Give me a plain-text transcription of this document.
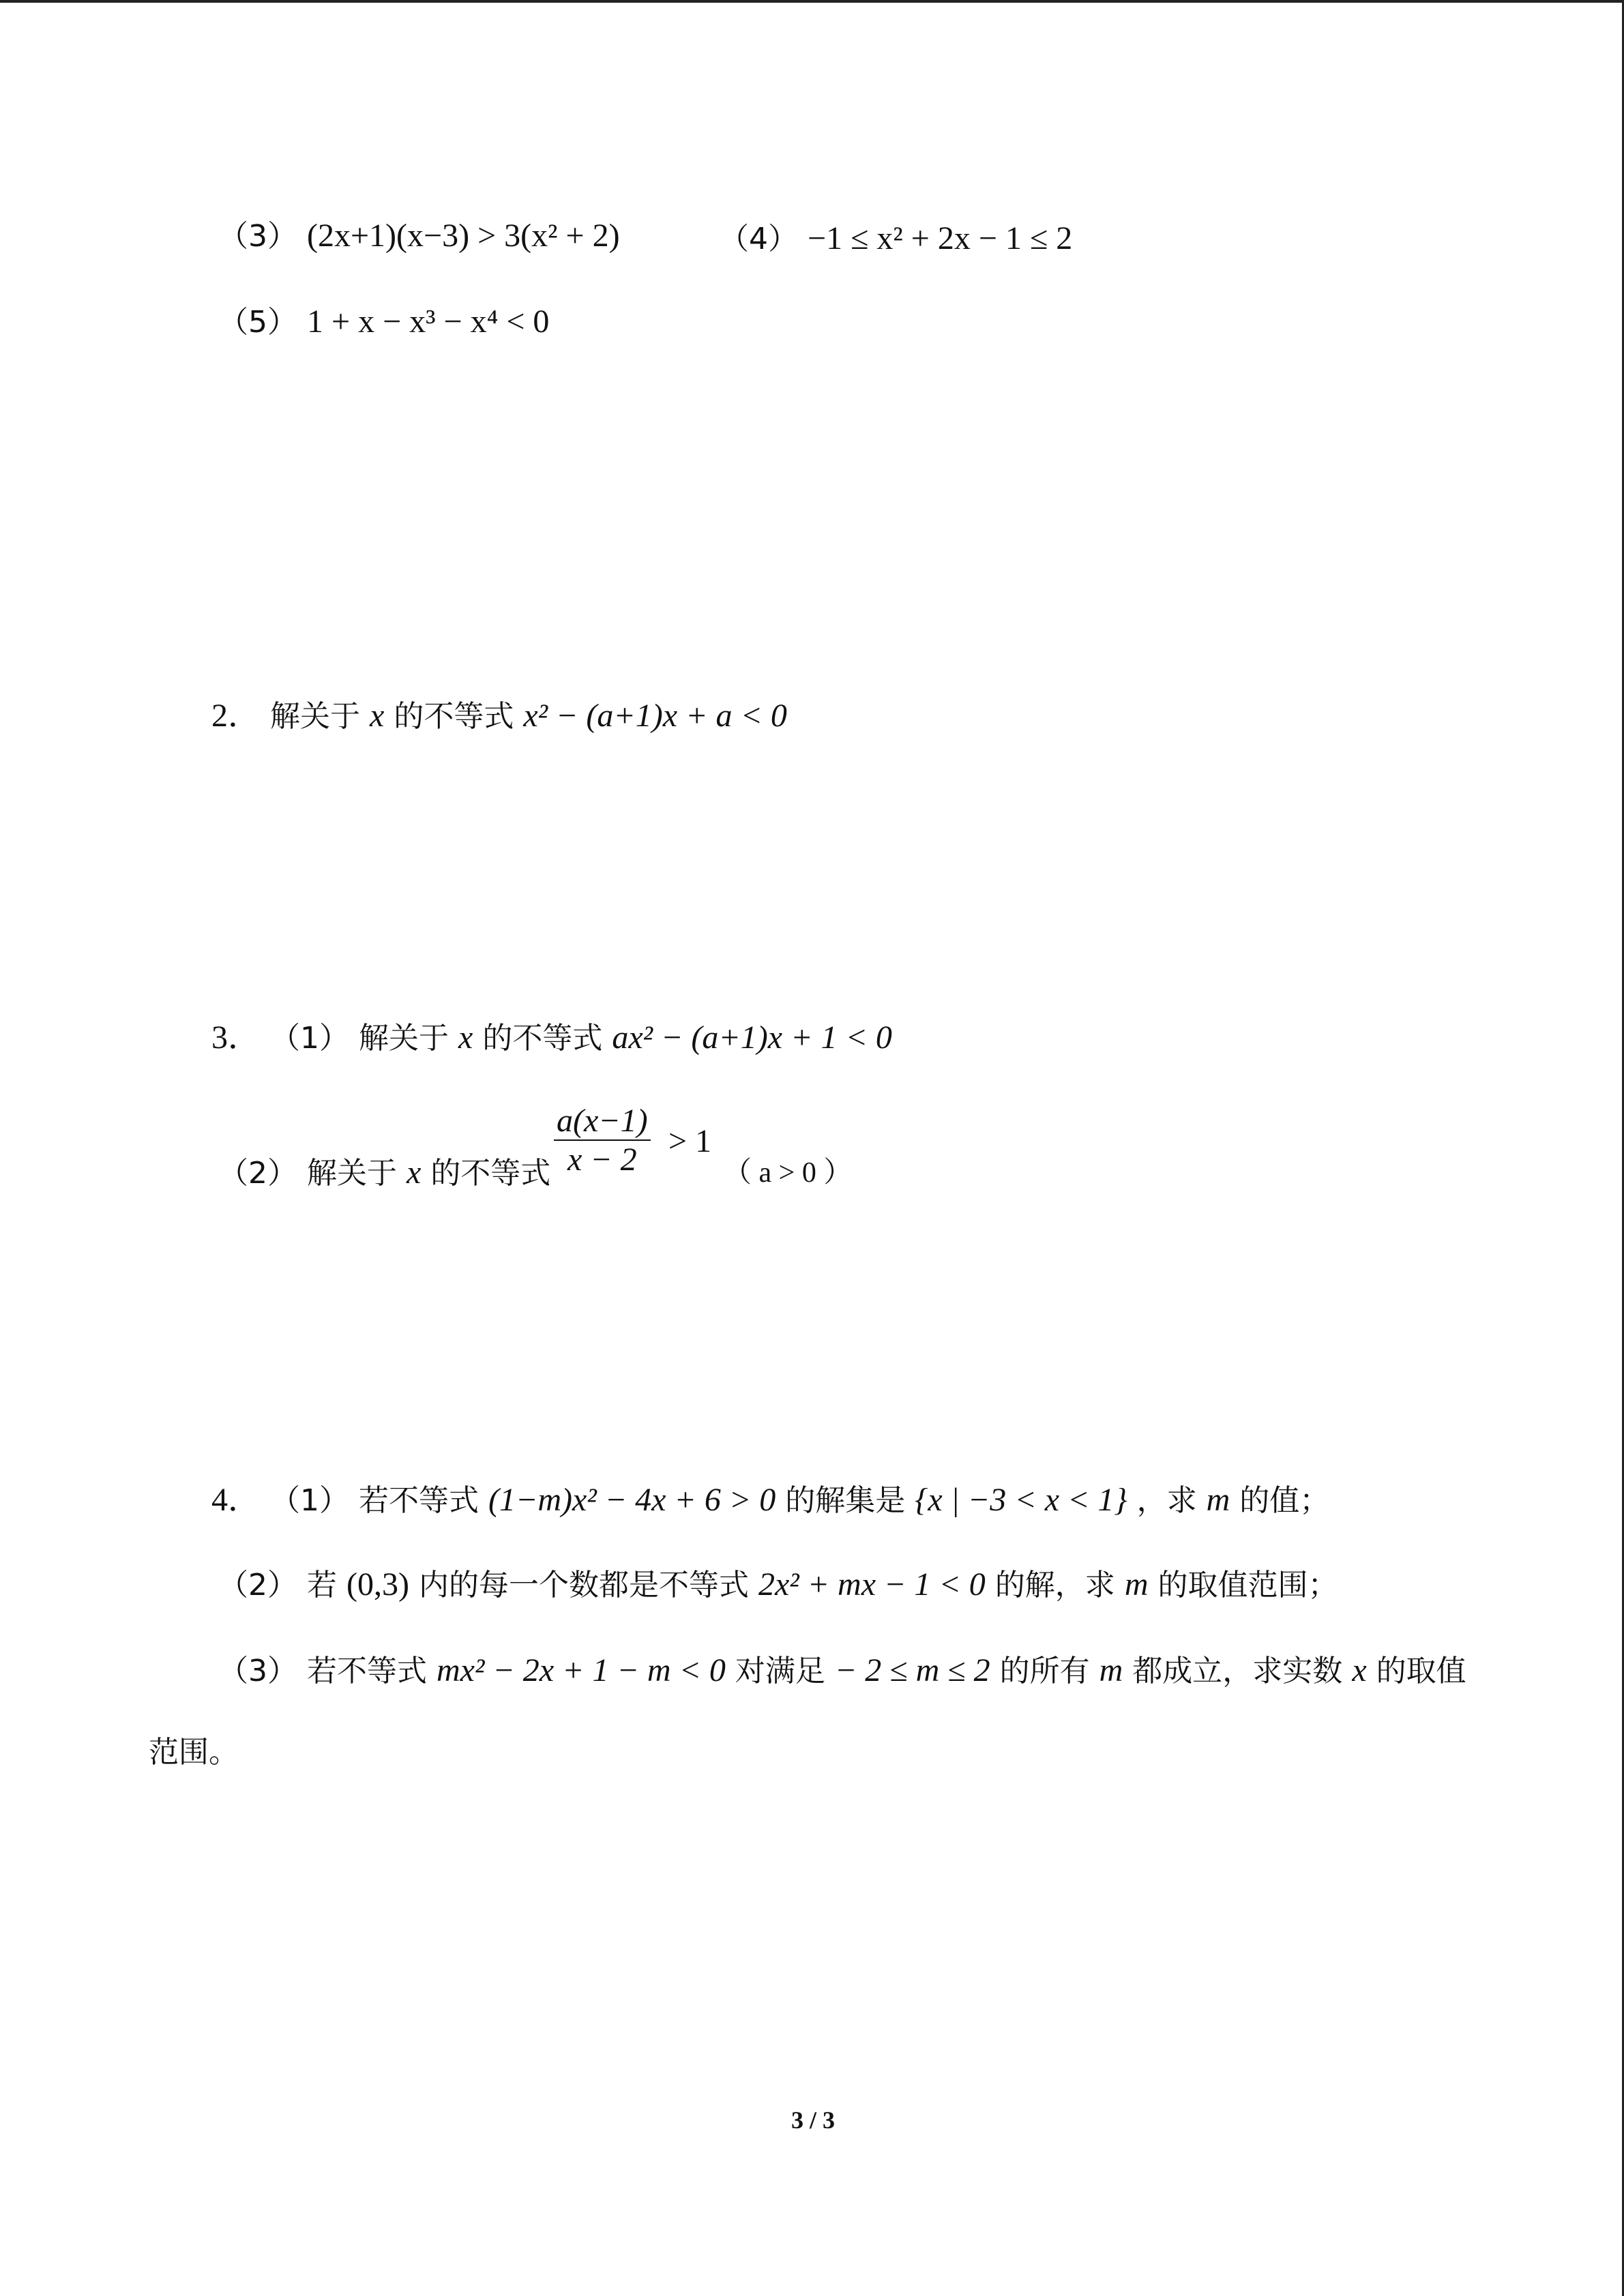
（3） (2x+1)(x−3) > 3(x² + 2)	（4） −1 ≤ x² + 2x − 1 ≤ 2
（5） 1 + x − x³ − x⁴ < 0
2． 解关于 x 的不等式 x² − (a+1)x + a < 0
3． （1） 解关于 x 的不等式 ax² − (a+1)x + 1 < 0
（2） 解关于 x 的不等式 $\frac{a(x-1)}{x - 2} > 1$
（ a > 0 ）
4． （1） 若不等式 (1−m)x² − 4x + 6 > 0 的解集是 {x | −3 < x < 1} ，求 m 的值；
（2） 若 (0,3) 内的每一个数都是不等式 2x² + mx − 1 < 0 的解，求 m 的取值范围；
（3） 若不等式 mx² − 2x + 1 − m < 0 对满足 − 2 ≤ m ≤ 2 的所有 m 都成立，求实数 x 的取值
范围。
3 / 3
